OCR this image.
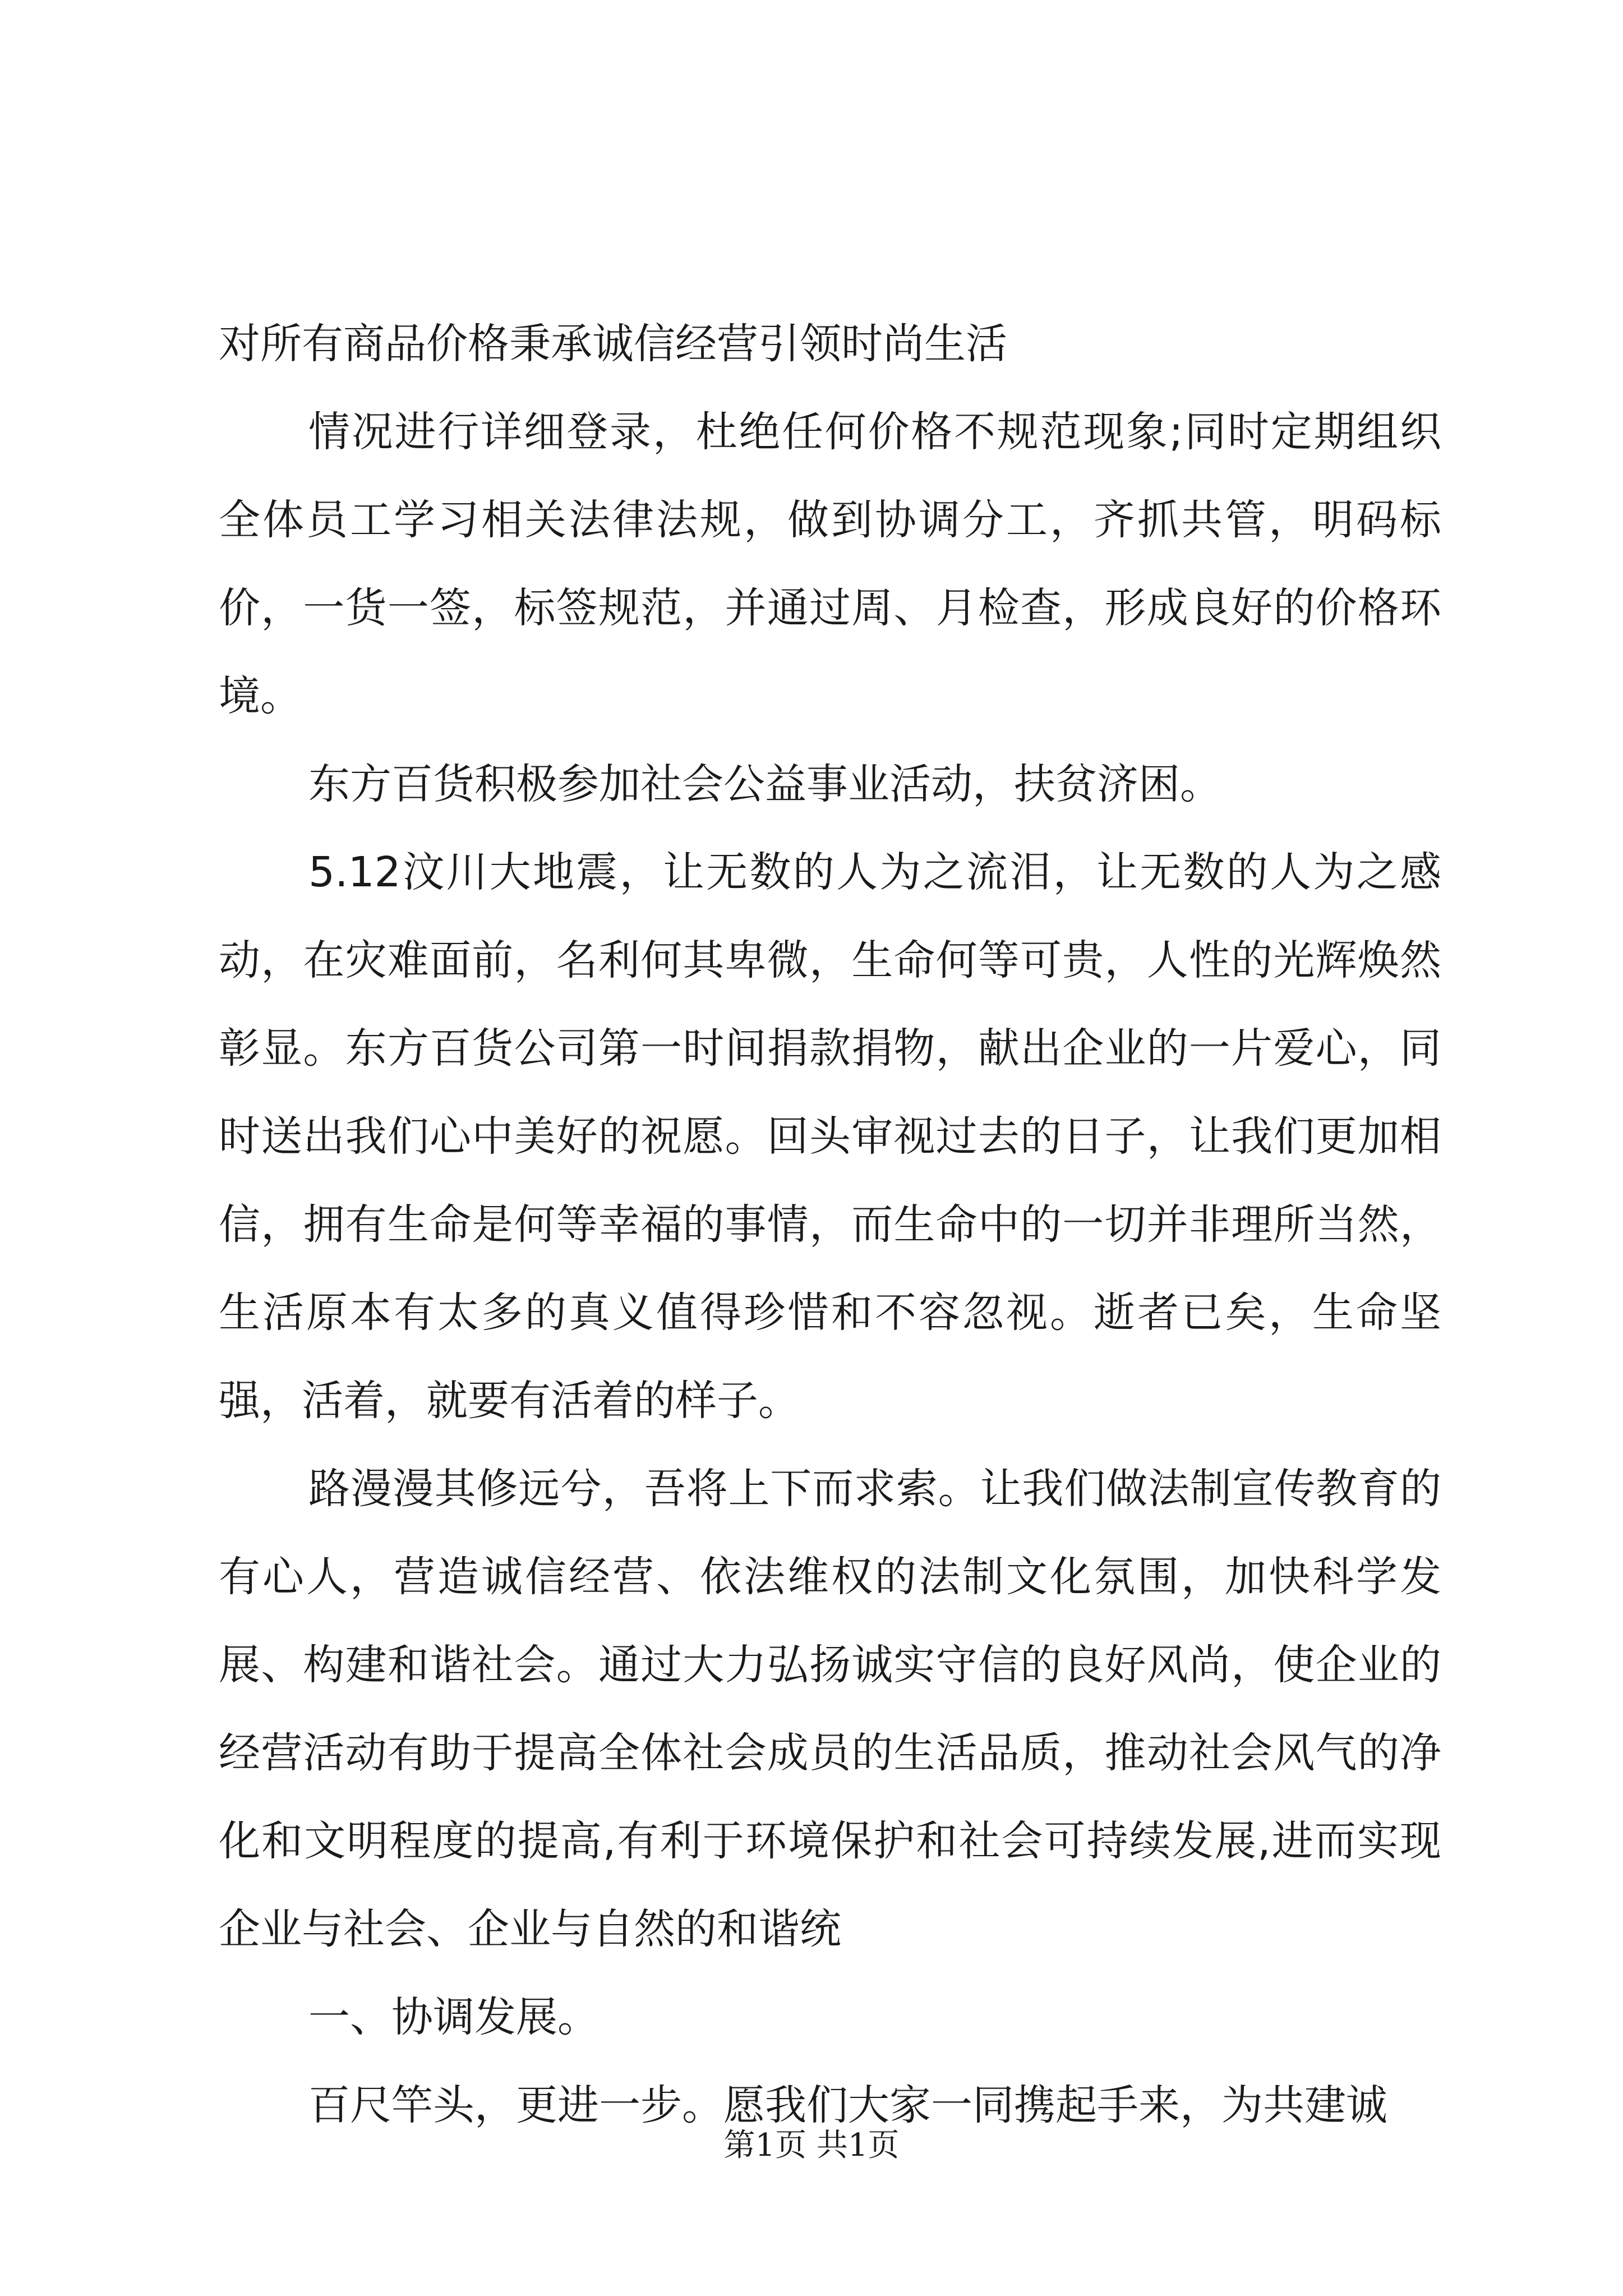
对所有商品价格秉承诚信经营引领时尚生活

情况进行详细登录，杜绝任何价格不规范现象;同时定期组织全体员工学习相关法律法规，做到协调分工，齐抓共管，明码标价，一货一签，标签规范，并通过周、月检查，形成良好的价格环境。

东方百货积极参加社会公益事业活动，扶贫济困。

5.12汶川大地震，让无数的人为之流泪，让无数的人为之感动，在灾难面前，名利何其卑微，生命何等可贵，人性的光辉焕然彰显。东方百货公司第一时间捐款捐物，献出企业的一片爱心，同时送出我们心中美好的祝愿。回头审视过去的日子，让我们更加相信，拥有生命是何等幸福的事情，而生命中的一切并非理所当然，生活原本有太多的真义值得珍惜和不容忽视。逝者已矣，生命坚强，活着，就要有活着的样子。

路漫漫其修远兮，吾将上下而求索。让我们做法制宣传教育的有心人，营造诚信经营、依法维权的法制文化氛围，加快科学发展、构建和谐社会。通过大力弘扬诚实守信的良好风尚，使企业的经营活动有助于提高全体社会成员的生活品质，推动社会风气的净化和文明程度的提高,有利于环境保护和社会可持续发展,进而实现企业与社会、企业与自然的和谐统

一、协调发展。

百尺竿头，更进一步。愿我们大家一同携起手来，为共建诚

第1页 共1页
